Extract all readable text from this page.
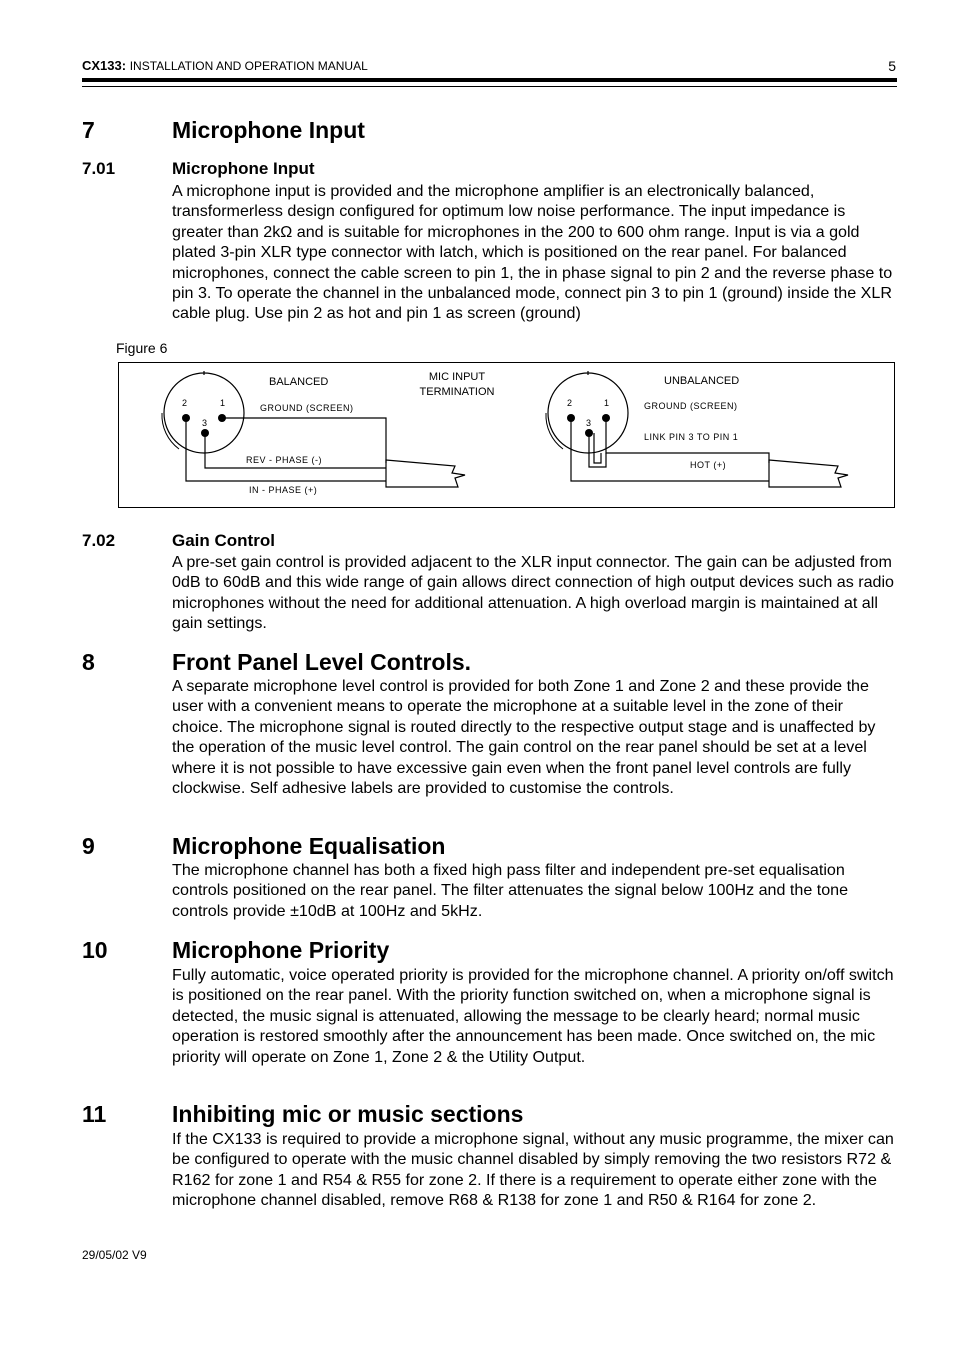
CX133: INSTALLATION AND OPERATION MANUAL	5
7	Microphone Input
7.01	Microphone Input

A microphone input is provided and the microphone amplifier is an electronically balanced, transformerless design configured for optimum low noise performance. The input impedance is greater than 2kΩ and is suitable for microphones in the 200 to 600 ohm range. Input is via a gold plated 3-pin XLR type connector with latch, which is positioned on the rear panel. For balanced microphones, connect the cable screen to pin 1, the in phase signal to pin 2 and the reverse phase to pin 3. To operate the channel in the unbalanced mode, connect pin 3 to pin 1 (ground) inside the XLR cable plug. Use pin 2 as hot and pin 1 as screen (ground)

Figure 6
MIC INPUT
TERMINATION
2	1
3
BALANCED
GROUND (SCREEN)
REV - PHASE (-)
IN - PHASE (+)
2	1
3
UNBALANCED
GROUND (SCREEN)
LINK PIN 3 TO PIN 1
HOT (+)
7.02	Gain Control

A pre-set gain control is provided adjacent to the XLR input connector. The gain can be adjusted from 0dB to 60dB and this wide range of gain allows direct connection of high output devices such as radio microphones without the need for additional attenuation. A high overload margin is maintained at all gain settings.

8	Front Panel Level Controls.

A separate microphone level control is provided for both Zone 1 and Zone 2 and these provide the user with a convenient means to operate the microphone at a suitable level in the zone of their choice. The microphone signal is routed directly to the respective output stage and is unaffected by the operation of the music level control. The gain control on the rear panel should be set at a level where it is not possible to have excessive gain even when the front panel level controls are fully clockwise. Self adhesive labels are provided to customise the controls.

9	Microphone Equalisation

The microphone channel has both a fixed high pass filter and independent pre-set equalisation controls positioned on the rear panel. The filter attenuates the signal below 100Hz and the tone controls provide ±10dB at 100Hz and 5kHz.

10	Microphone Priority

Fully automatic, voice operated priority is provided for the microphone channel. A priority on/off switch is positioned on the rear panel. With the priority function switched on, when a microphone signal is detected, the music signal is attenuated, allowing the message to be clearly heard; normal music operation is restored smoothly after the announcement has been made. Once switched on, the mic priority will operate on Zone 1, Zone 2 & the Utility Output.

11	Inhibiting mic or music sections

If the CX133 is required to provide a microphone signal, without any music programme, the mixer can be configured to operate with the music channel disabled by simply removing the two resistors R72 & R162 for zone 1 and R54 & R55 for zone 2. If there is a requirement to operate either zone with the microphone channel disabled, remove R68 & R138 for zone 1 and R50 & R164 for zone 2.

29/05/02 V9
